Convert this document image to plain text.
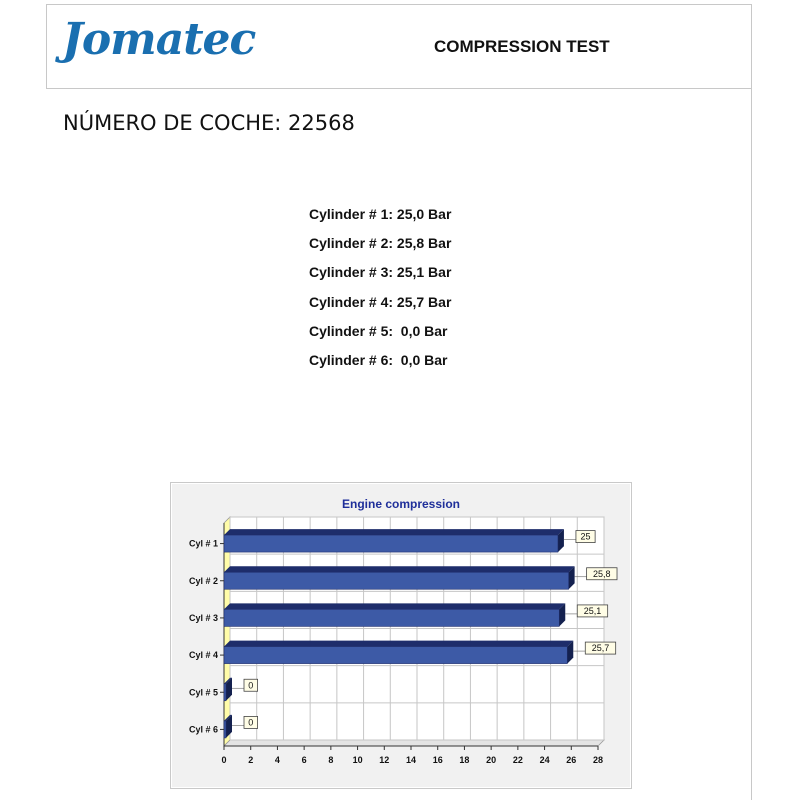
Jomatec	COMPRESSION TEST
NÚMERO DE COCHE: 22568
Cylinder # 1: 25,0 Bar
Cylinder # 2: 25,8 Bar
Cylinder # 3: 25,1 Bar
Cylinder # 4: 25,7 Bar
Cylinder # 5:  0,0 Bar
Cylinder # 6:  0,0 Bar
0 2 4 6 8 10 12 14 16 18 20 22 24 26 28
Cyl # 1
25
Cyl # 2
25,8
Cyl # 3
25,1
Cyl # 4
25,7
Cyl # 5
0
Cyl # 6
0
Engine compression
